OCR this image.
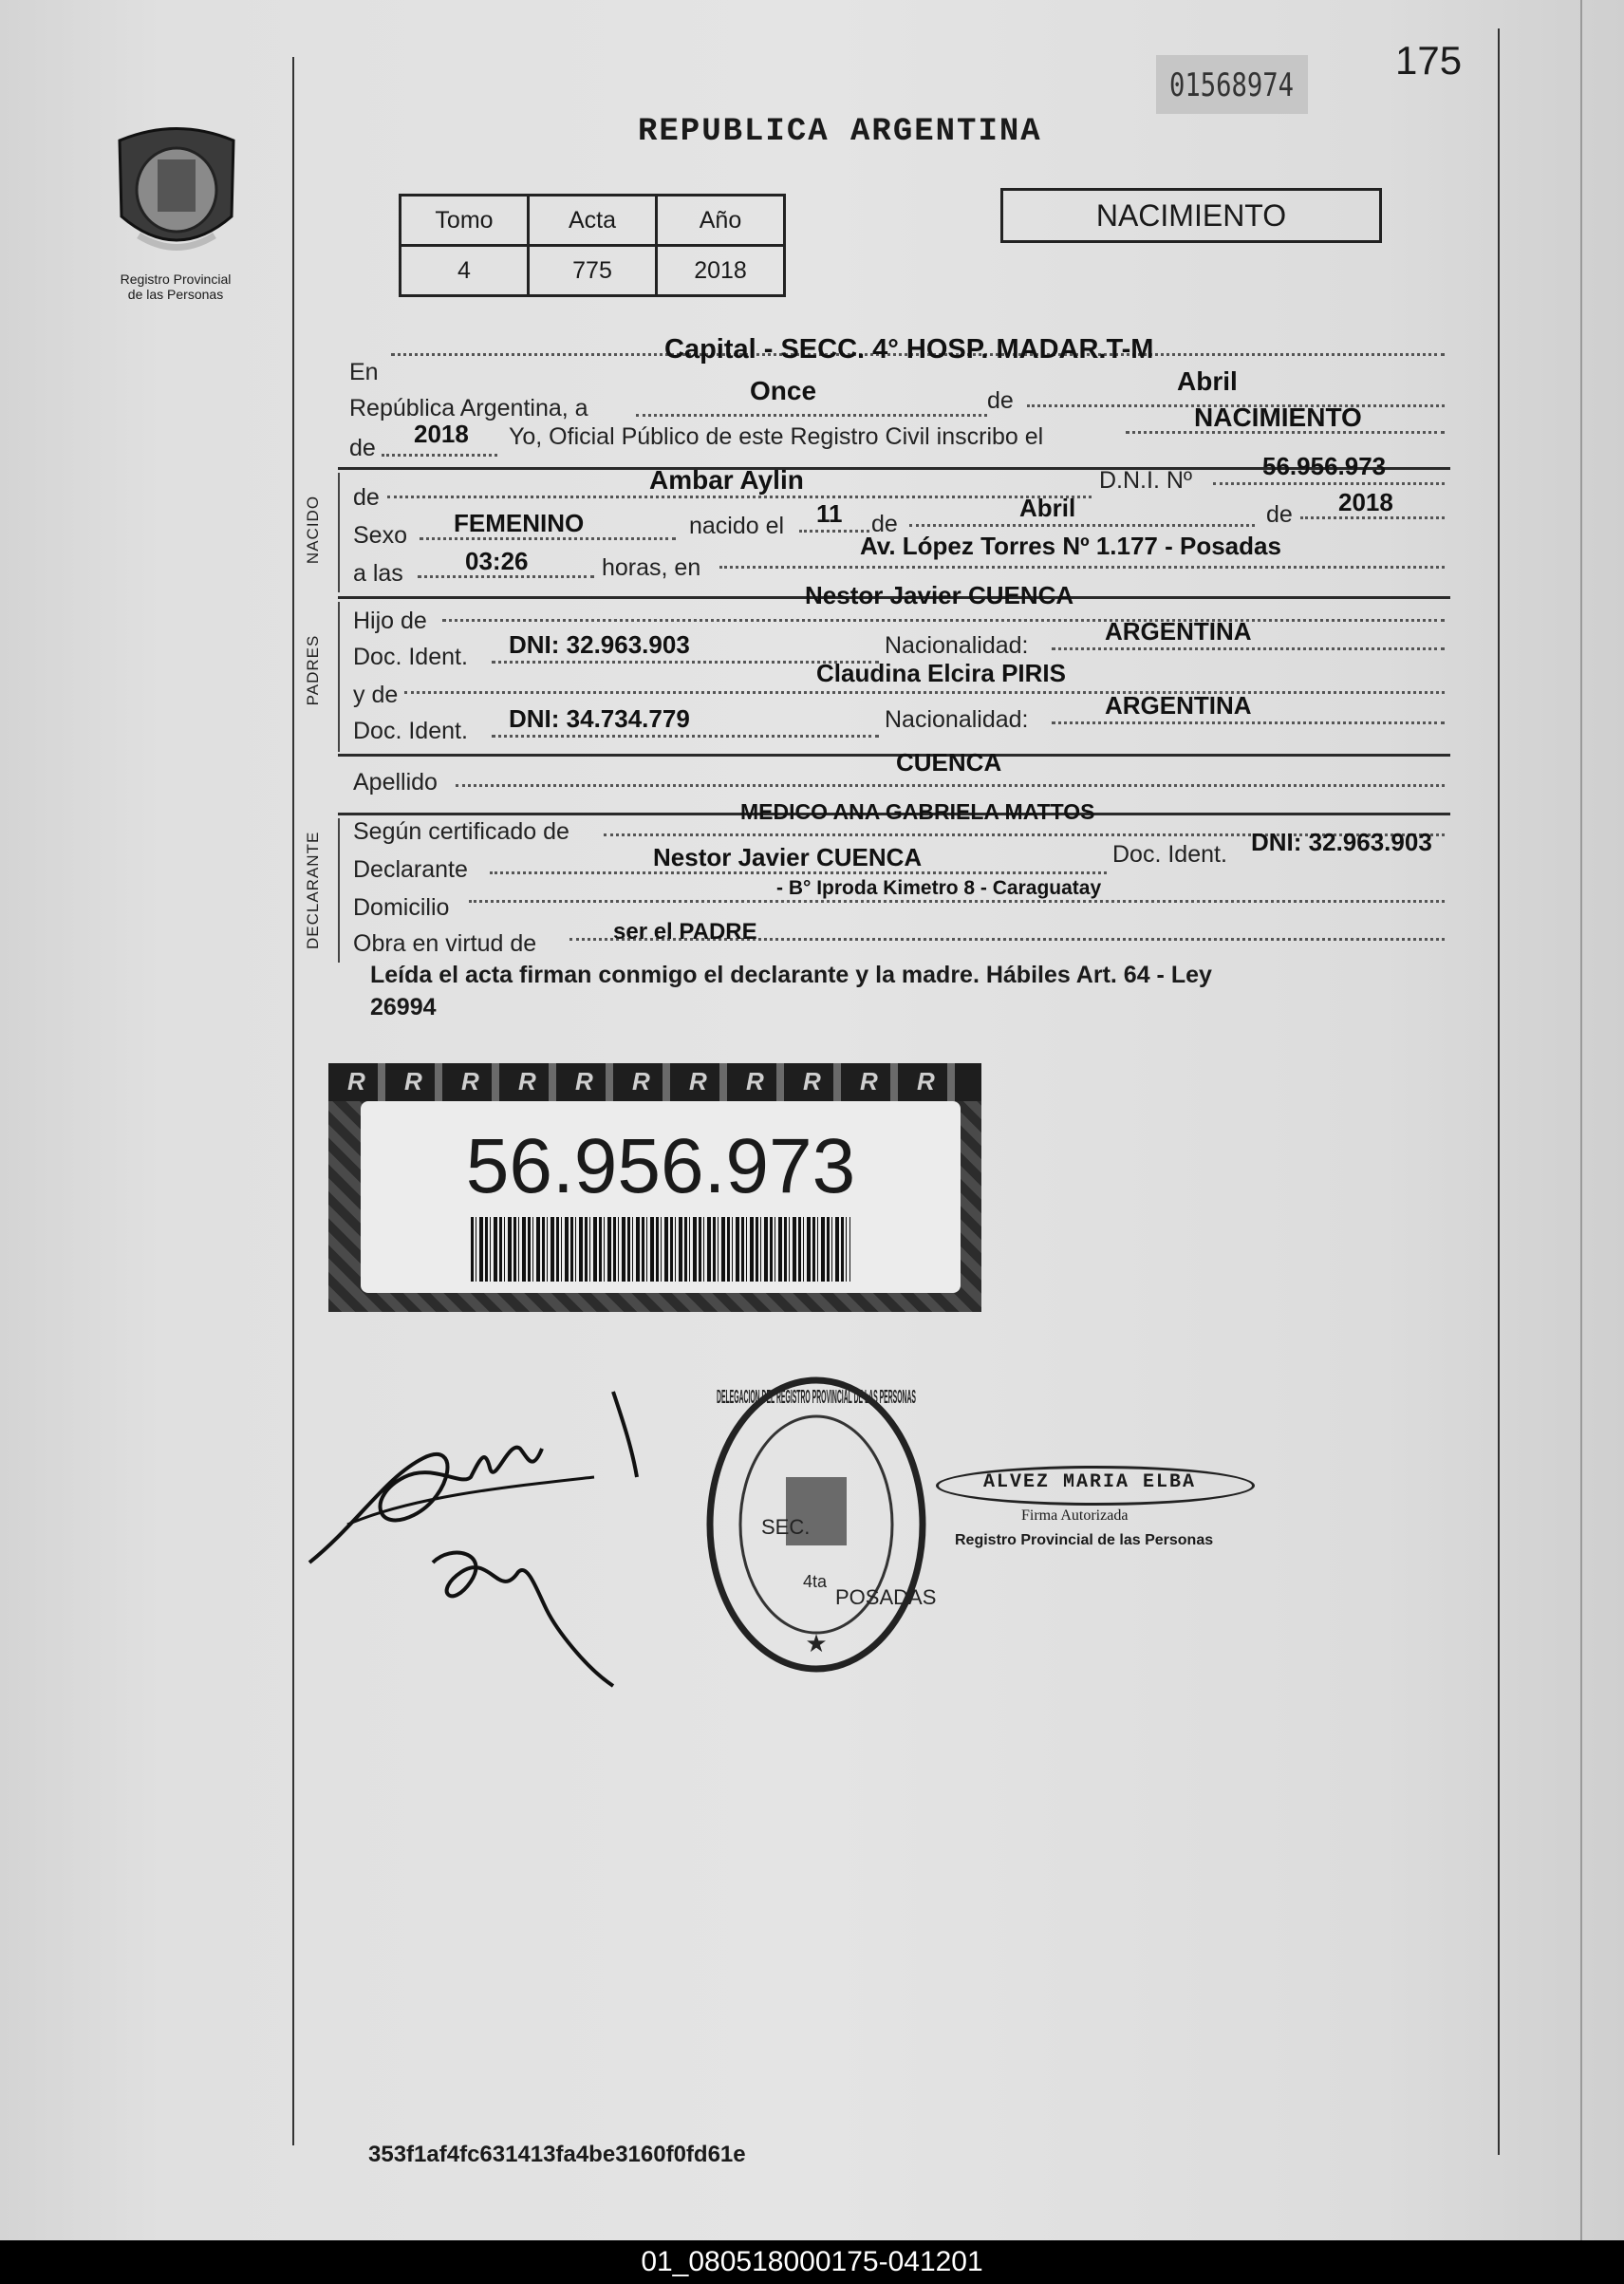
175
01568974
Registro Provincial
de las Personas
REPUBLICA ARGENTINA
Tomo	Acta	Año
4	775	2018
NACIMIENTO
En
Capital - SECC. 4° HOSP. MADAR.T-M
República Argentina, a
Once	de
Abril
de 2018 Yo, Oficial Público de este Registro Civil inscribo el
NACIMIENTO
NACIDO de
Ambar Aylin	D.N.I. Nº	56.956.973
Sexo FEMENINO	nacido el 11 de
Abril	de 2018
a las	03:26	horas, en
Av. López Torres Nº 1.177 - Posadas
PADRES
Hijo de
Nestor Javier CUENCA
Doc. Ident. DNI: 32.963.903	Nacionalidad:	ARGENTINA
y de
Claudina Elcira PIRIS
Doc. Ident. DNI: 34.734.779	Nacionalidad:	ARGENTINA
Apellido
CUENCA
DECLARANTE Según certificado de
MEDICO ANA GABRIELA MATTOS
Declarante	Nestor Javier CUENCA	Doc. Ident. DNI: 32.963.903
Domicilio
- B° Iproda Kimetro 8 - Caraguatay
Obra en virtud de	ser el PADRE
Leída el acta firman conmigo el declarante y la madre. Hábiles Art. 64 - Ley
26994
R R R R R R R R R R R
56.956.973
DELEGACION DEL REGISTRO PROVINCIAL DE LAS PERSONAS
SEC.
4ta
POSADAS
★
ALVEZ MARIA ELBA
Firma Autorizada
Registro Provincial de las Personas
353f1af4fc631413fa4be3160f0fd61e
01_080518000175-041201
